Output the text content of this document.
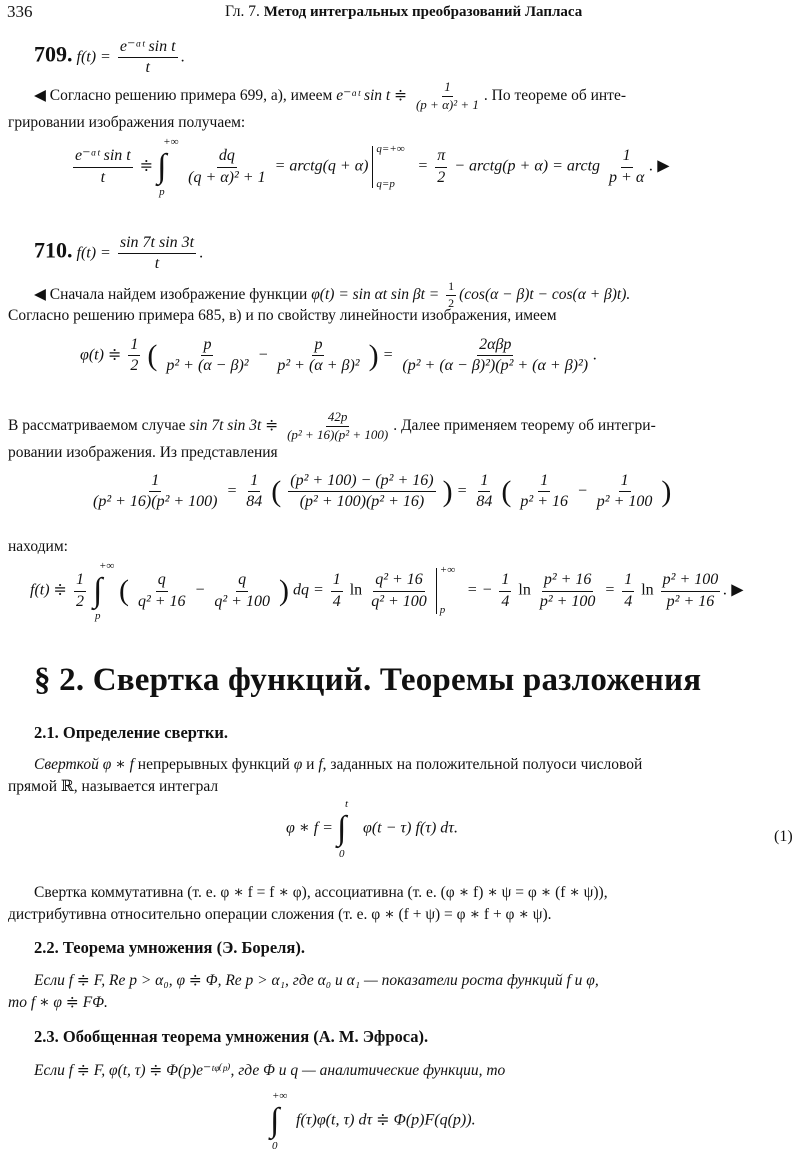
336	Гл. 7. Метод интегральных преобразований Лапласа
709. $f(t) = \frac{\text{e⁻ᵅᵗ sin t}}{t}$ .
◀ Согласно решению примера 699, а), имеем e⁻ᵅᵗ sin t ≑ $\frac{1}{\text{(p + α)² + 1}}$ . По теореме об инте-
грировании изображения получаем:
$\frac{\text{e⁻ᵅᵗ sin t}}{t}$ ≑ ∫
+∞
p

$\frac{dq}{\text{(q + α)² + 1}}$ = arctg(q + α)
q=+∞
q=p
= $\frac{\pi}{2}$ − arctg(p + α) = arctg $\frac{1}{p + \alpha}$ . ▶
710. $f(t) = \frac{\text{sin 7t sin 3t}}{t}$ .
◀ Сначала найдем изображение функции φ(t) = sin αt $\sin \beta t = \frac{1}{2} (\cos(\alpha - \beta)t - \cos(\alpha + \beta)t)$.
Согласно решению примера 685, в) и по свойству линейности изображения, имеем
φ(t) ≑ $\frac{1}{2}$ ( $\frac{p}{\text{p² + (α − β)²}} - \frac{p}{\text{p² + (α + β)²}}$ ) = $\frac{\text{2αβp}}{\text{(p² + (α − β)²)(p² + (α + β)²)}}$ .
В рассматриваемом случае sin 7t sin 3t ≑ $\frac{42p}{\text{(p² + 16)(p² + 100)}}$ . Далее применяем теорему об интегри-
ровании изображения. Из представления
$\frac{1}{\text{(p² + 16)(p² + 100)}} = \frac{1}{84}$ ( $\frac{\text{(p² + 100) − (p² + 16)}}{\text{(p² + 100)(p² + 16)}}$ ) = $\frac{1}{84}$ ( $\frac{1}{\text{p² + 16}} - \frac{1}{\text{p² + 100}}$ )
находим:
f(t) ≑ $\frac{1}{2}$ ∫
+∞
p
( $\frac{q}{\text{q² + 16}} - \frac{q}{\text{q² + 100}}$ ) dq = $\frac{1}{4}$ $\ln \frac{\text{q² + 16}}{\text{q² + 100}}$

+∞
p
= − $\frac{1}{4}$ $\ln \frac{\text{p² + 16}}{\text{p² + 100}} = \frac{1}{4}$ $\ln \frac{\text{p² + 100}}{\text{p² + 16}}$ . ▶
§ 2. Свертка функций. Теоремы разложения
2.1. Определение свертки.
Сверткой φ ∗ f непрерывных функций φ и f, заданных на положительной полуоси числовой
прямой ℝ, называется интеграл
φ ∗ f = ∫
t
0
φ(t − τ) f(τ) dτ.	(1)
Свертка коммутативна (т. е. φ ∗ f = f ∗ φ), ассоциативна (т. е. (φ ∗ f) ∗ ψ = φ ∗ (f ∗ ψ)),
дистрибутивна относительно операции сложения (т. е. φ ∗ (f + ψ) = φ ∗ f + φ ∗ ψ).
2.2. Теорема умножения (Э. Бореля).
Если f ≑ F, Re p > α₀, φ ≑ Φ, Re p > α₁, где α₀ и α₁ — показатели роста функций f и φ,
то f ∗ φ ≑ FΦ.
2.3. Обобщенная теорема умножения (А. М. Эфроса).
Если f ≑ F, φ(t, τ) ≑ Φ(p)e⁻ᵗᵠ⁽ᵖ⁾, где Φ и q — аналитические функции, то
∫
+∞
0
f(τ)φ(t, τ) dτ ≑ Φ(p)F(q(p)).
